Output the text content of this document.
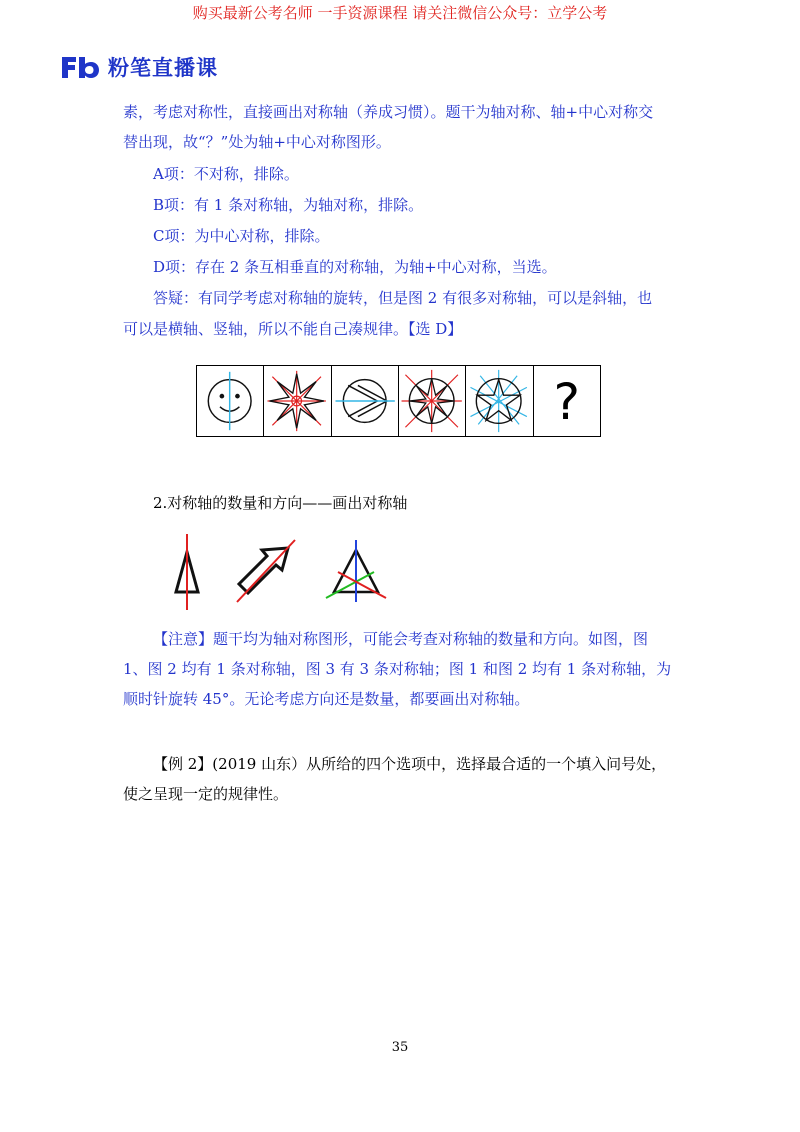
购买最新公考名师 一手资源课程 请关注微信公众号：立学公考
粉笔直播课
素，考虑对称性，直接画出对称轴（养成习惯）。题干为轴对称、轴+中心对称交
替出现，故“？”处为轴+中心对称图形。
A项：不对称，排除。
B项：有 1 条对称轴，为轴对称，排除。
C项：为中心对称，排除。
D项：存在 2 条互相垂直的对称轴，为轴+中心对称，当选。
答疑：有同学考虑对称轴的旋转，但是图 2 有很多对称轴，可以是斜轴，也
可以是横轴、竖轴，所以不能自己凑规律。【选 D】
?
2.对称轴的数量和方向——画出对称轴
【注意】题干均为轴对称图形，可能会考查对称轴的数量和方向。如图，图
1、图 2 均有 1 条对称轴，图 3 有 3 条对称轴；图 1 和图 2 均有 1 条对称轴，为
顺时针旋转 45°。无论考虑方向还是数量，都要画出对称轴。
【例 2】(2019 山东）从所给的四个选项中，选择最合适的一个填入问号处，
使之呈现一定的规律性。
35
